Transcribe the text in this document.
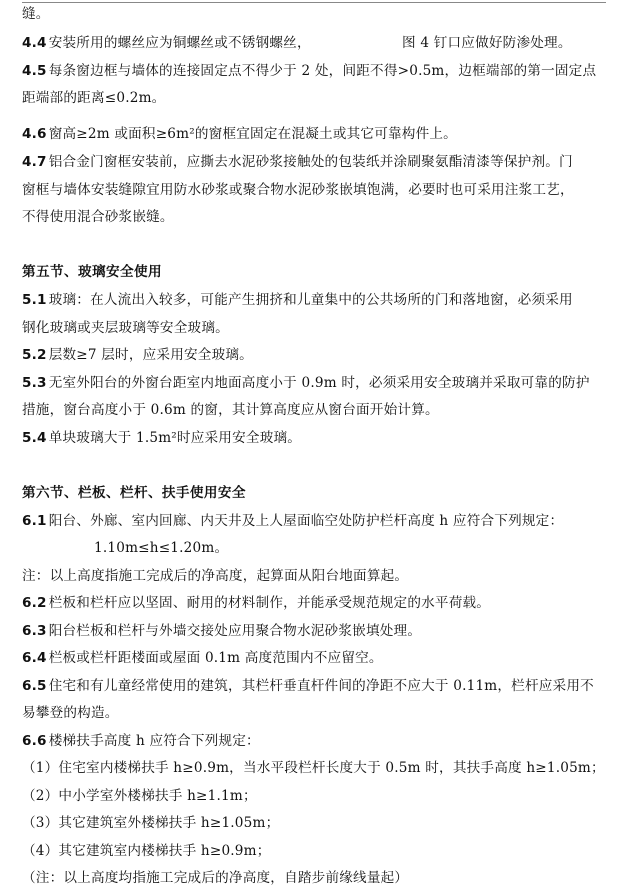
缝。
4.4 安装所用的螺丝应为铜螺丝或不锈钢螺丝，	图 4 钉口应做好防渗处理。
4.5 每条窗边框与墙体的连接固定点不得少于 2 处，间距不得>0.5m，边框端部的第一固定点
距端部的距离≤0.2m。
4.6 窗高≥2m 或面积≥6m²的窗框宜固定在混凝土或其它可靠构件上。
4.7 铝合金门窗框安装前，应撕去水泥砂浆接触处的包装纸并涂刷聚氨酯清漆等保护剂。门
窗框与墙体安装缝隙宜用防水砂浆或聚合物水泥砂浆嵌填饱满，必要时也可采用注浆工艺，
不得使用混合砂浆嵌缝。
第五节、玻璃安全使用
5.1 玻璃：在人流出入较多，可能产生拥挤和儿童集中的公共场所的门和落地窗，必须采用
钢化玻璃或夹层玻璃等安全玻璃。
5.2 层数≥7 层时，应采用安全玻璃。
5.3 无室外阳台的外窗台距室内地面高度小于 0.9m 时，必须采用安全玻璃并采取可靠的防护
措施，窗台高度小于 0.6m 的窗，其计算高度应从窗台面开始计算。
5.4 单块玻璃大于 1.5m²时应采用安全玻璃。
第六节、栏板、栏杆、扶手使用安全
6.1 阳台、外廊、室内回廊、内天井及上人屋面临空处防护栏杆高度 h 应符合下列规定：
1.10m≤h≤1.20m。
注：以上高度指施工完成后的净高度，起算面从阳台地面算起。
6.2 栏板和栏杆应以坚固、耐用的材料制作，并能承受规范规定的水平荷载。
6.3 阳台栏板和栏杆与外墙交接处应用聚合物水泥砂浆嵌填处理。
6.4 栏板或栏杆距楼面或屋面 0.1m 高度范围内不应留空。
6.5 住宅和有儿童经常使用的建筑，其栏杆垂直杆件间的净距不应大于 0.11m，栏杆应采用不
易攀登的构造。
6.6 楼梯扶手高度 h 应符合下列规定：
（1）住宅室内楼梯扶手 h≥0.9m，当水平段栏杆长度大于 0.5m 时，其扶手高度 h≥1.05m；
（2）中小学室外楼梯扶手 h≥1.1m；
（3）其它建筑室外楼梯扶手 h≥1.05m；
（4）其它建筑室内楼梯扶手 h≥0.9m；
（注：以上高度均指施工完成后的净高度，自踏步前缘线量起）
